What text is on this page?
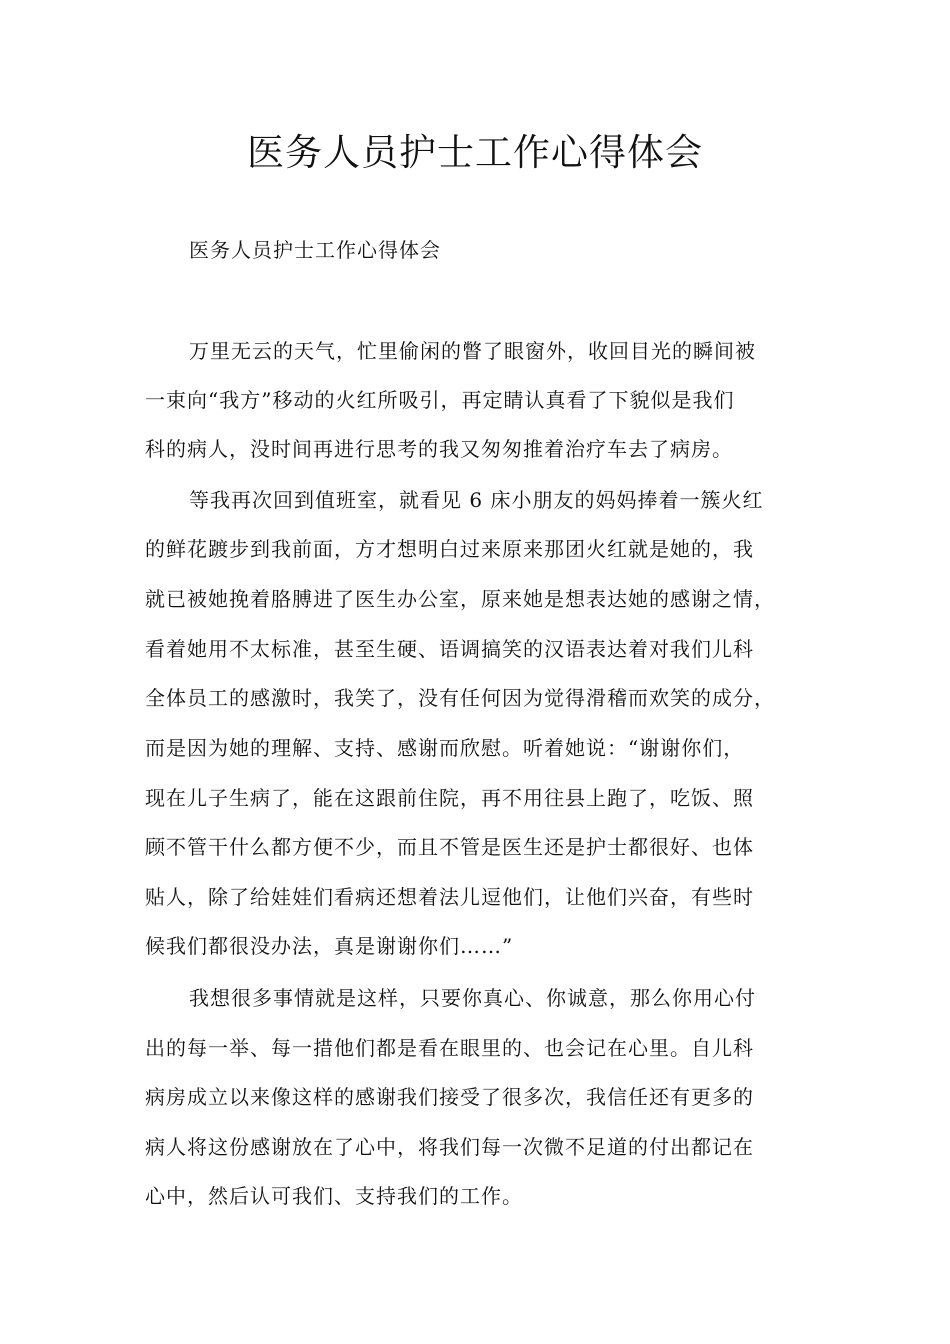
医务人员护士工作心得体会

医务人员护士工作心得体会

万里无云的天气，忙里偷闲的瞥了眼窗外，收回目光的瞬间被

一束向“我方”移动的火红所吸引，再定睛认真看了下貌似是我们

科的病人，没时间再进行思考的我又匆匆推着治疗车去了病房。

等我再次回到值班室，就看见 6 床小朋友的妈妈捧着一簇火红

的鲜花踱步到我前面，方才想明白过来原来那团火红就是她的，我

就已被她挽着胳膊进了医生办公室，原来她是想表达她的感谢之情，

看着她用不太标准，甚至生硬、语调搞笑的汉语表达着对我们儿科

全体员工的感激时，我笑了，没有任何因为觉得滑稽而欢笑的成分，

而是因为她的理解、支持、感谢而欣慰。听着她说：“谢谢你们，

现在儿子生病了，能在这跟前住院，再不用往县上跑了，吃饭、照

顾不管干什么都方便不少，而且不管是医生还是护士都很好、也体

贴人，除了给娃娃们看病还想着法儿逗他们，让他们兴奋，有些时

候我们都很没办法，真是谢谢你们……”

我想很多事情就是这样，只要你真心、你诚意，那么你用心付

出的每一举、每一措他们都是看在眼里的、也会记在心里。自儿科

病房成立以来像这样的感谢我们接受了很多次，我信任还有更多的

病人将这份感谢放在了心中，将我们每一次微不足道的付出都记在

心中，然后认可我们、支持我们的工作。
